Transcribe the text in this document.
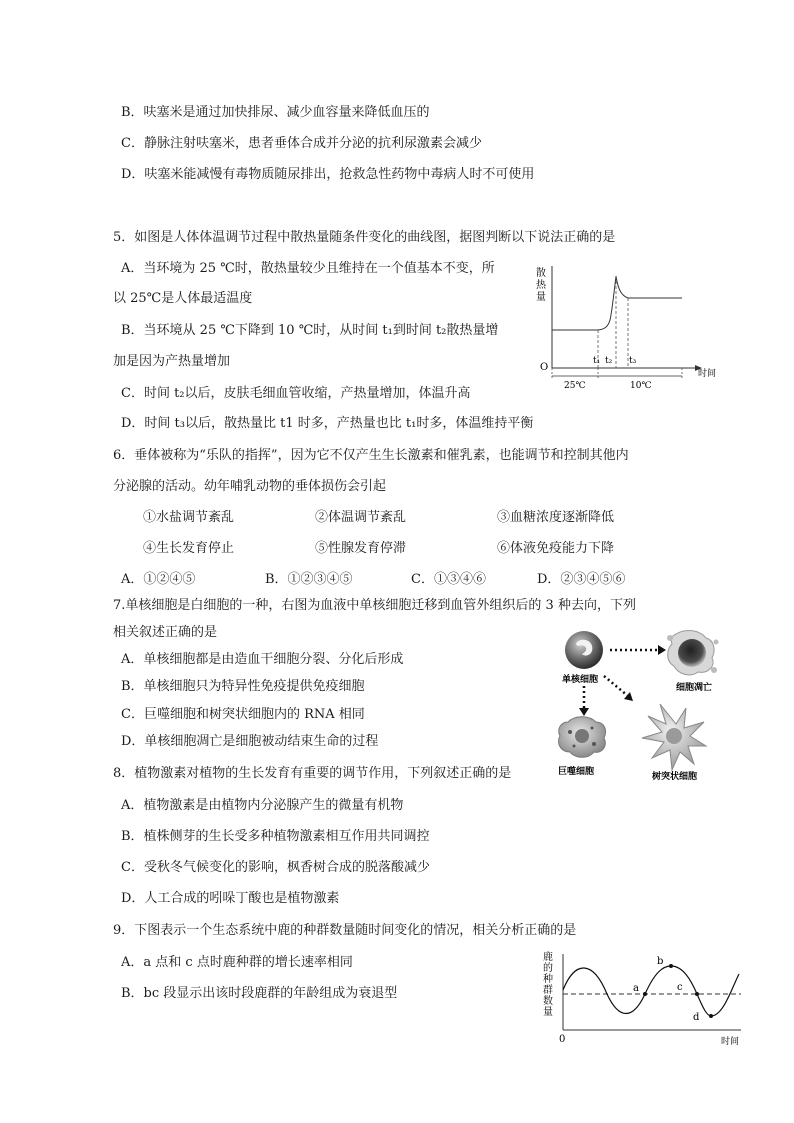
B．呋塞米是通过加快排尿、减少血容量来降低血压的
C．静脉注射呋塞米，患者垂体合成并分泌的抗利尿激素会减少
D．呋塞米能减慢有毒物质随尿排出，抢救急性药物中毒病人时不可使用
5．如图是人体体温调节过程中散热量随条件变化的曲线图，据图判断以下说法正确的是
A．当环境为 25 ℃时，散热量较少且维持在一个值基本不变，所
以 25℃是人体最适温度
B．当环境从 25 ℃下降到 10 ℃时，从时间 t₁到时间 t₂散热量增
加是因为产热量增加
C．时间 t₂以后，皮肤毛细血管收缩，产热量增加，体温升高
D．时间 t₃以后，散热量比 t1 时多，产热量也比 t₁时多，体温维持平衡
散
热
量
O
时间
t₁ t₂ t₃
25℃	10℃
6．垂体被称为“乐队的指挥”，因为它不仅产生生长激素和催乳素，也能调节和控制其他内
分泌腺的活动。幼年哺乳动物的垂体损伤会引起
①水盐调节紊乱	②体温调节紊乱	③血糖浓度逐渐降低
④生长发育停止	⑤性腺发育停滞	⑥体液免疫能力下降
A．①②④⑤	B．①②③④⑤	C．①③④⑥	D．②③④⑤⑥
7.单核细胞是白细胞的一种，右图为血液中单核细胞迁移到血管外组织后的 3 种去向，下列
相关叙述正确的是
A．单核细胞都是由造血干细胞分裂、分化后形成
B．单核细胞只为特异性免疫提供免疫细胞
C．巨噬细胞和树突状细胞内的 RNA 相同
D．单核细胞凋亡是细胞被动结束生命的过程
单核细胞
细胞凋亡
巨噬细胞	树突状细胞
8．植物激素对植物的生长发育有重要的调节作用，下列叙述正确的是
A．植物激素是由植物内分泌腺产生的微量有机物
B．植株侧芽的生长受多种植物激素相互作用共同调控
C．受秋冬气候变化的影响，枫香树合成的脱落酸减少
D．人工合成的吲哚丁酸也是植物激素
9．下图表示一个生态系统中鹿的种群数量随时间变化的情况，相关分析正确的是
A．a 点和 c 点时鹿种群的增长速率相同
B．bc 段显示出该时段鹿群的年龄组成为衰退型
鹿
的
种
群
数
量
0	时间
a
b
c
d
